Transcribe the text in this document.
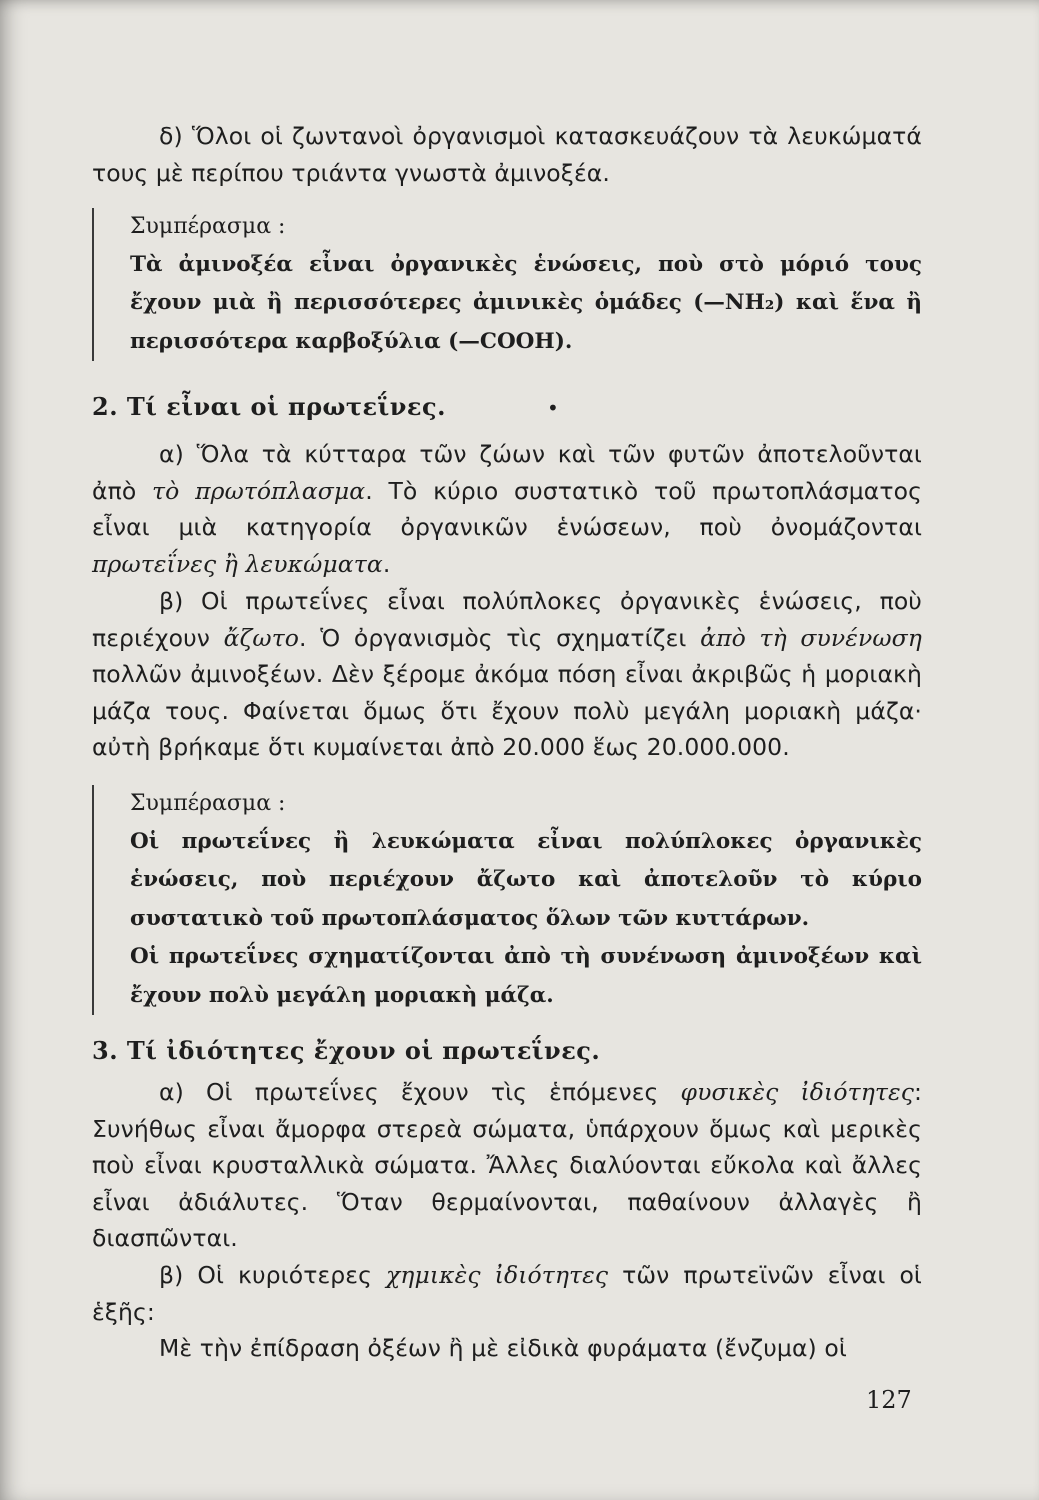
δ) Ὅλοι οἱ ζωντανοὶ ὀργανισμοὶ κατασκευάζουν τὰ λευκώματά τους μὲ περίπου τριάντα γνωστὰ ἀμινοξέα.

Συμπέρασμα :
Τὰ ἀμινοξέα εἶναι ὀργανικὲς ἑνώσεις, ποὺ στὸ μόριό τους ἔχουν μιὰ ἢ περισσότερες ἀμινικὲς ὁμάδες (—NH₂) καὶ ἕνα ἢ περισσότερα καρβοξύλια (—COOH).
2. Τί εἶναι οἱ πρωτεΐνες.	•

α) Ὅλα τὰ κύτταρα τῶν ζώων καὶ τῶν φυτῶν ἀποτελοῦνται ἀπὸ τὸ πρωτόπλασμα. Τὸ κύριο συστατικὸ τοῦ πρωτοπλάσματος εἶναι μιὰ κατηγορία ὀργανικῶν ἑνώσεων, ποὺ ὀνομάζονται πρωτεΐνες ἢ λευκώματα.

β) Οἱ πρωτεΐνες εἶναι πολύπλοκες ὀργανικὲς ἑνώσεις, ποὺ περιέχουν ἄζωτο. Ὁ ὀργανισμὸς τὶς σχηματίζει ἀπὸ τὴ συνένωση πολλῶν ἀμινοξέων. Δὲν ξέρομε ἀκόμα πόση εἶναι ἀκριβῶς ἡ μοριακὴ μάζα τους. Φαίνεται ὅμως ὅτι ἔχουν πολὺ μεγάλη μοριακὴ μάζα· αὐτὴ βρήκαμε ὅτι κυμαίνεται ἀπὸ 20.000 ἕως 20.000.000.

Συμπέρασμα :
Οἱ πρωτεΐνες ἢ λευκώματα εἶναι πολύπλοκες ὀργανικὲς ἑνώσεις, ποὺ περιέχουν ἄζωτο καὶ ἀποτελοῦν τὸ κύριο συστατικὸ τοῦ πρωτοπλάσματος ὅλων τῶν κυττάρων.
Οἱ πρωτεΐνες σχηματίζονται ἀπὸ τὴ συνένωση ἀμινοξέων καὶ ἔχουν πολὺ μεγάλη μοριακὴ μάζα.
3. Τί ἰδιότητες ἔχουν οἱ πρωτεΐνες.

α) Οἱ πρωτεΐνες ἔχουν τὶς ἑπόμενες φυσικὲς ἰδιότητες: Συνήθως εἶναι ἄμορφα στερεὰ σώματα, ὑπάρχουν ὅμως καὶ μερικὲς ποὺ εἶναι κρυσταλλικὰ σώματα. Ἄλλες διαλύονται εὔκολα καὶ ἄλλες εἶναι ἀδιάλυτες. Ὅταν θερμαίνονται, παθαίνουν ἀλλαγὲς ἢ διασπῶνται.

β) Οἱ κυριότερες χημικὲς ἰδιότητες τῶν πρωτεϊνῶν εἶναι οἱ ἑξῆς:

Μὲ τὴν ἐπίδραση ὀξέων ἢ μὲ εἰδικὰ φυράματα (ἔνζυμα) οἱ

127
